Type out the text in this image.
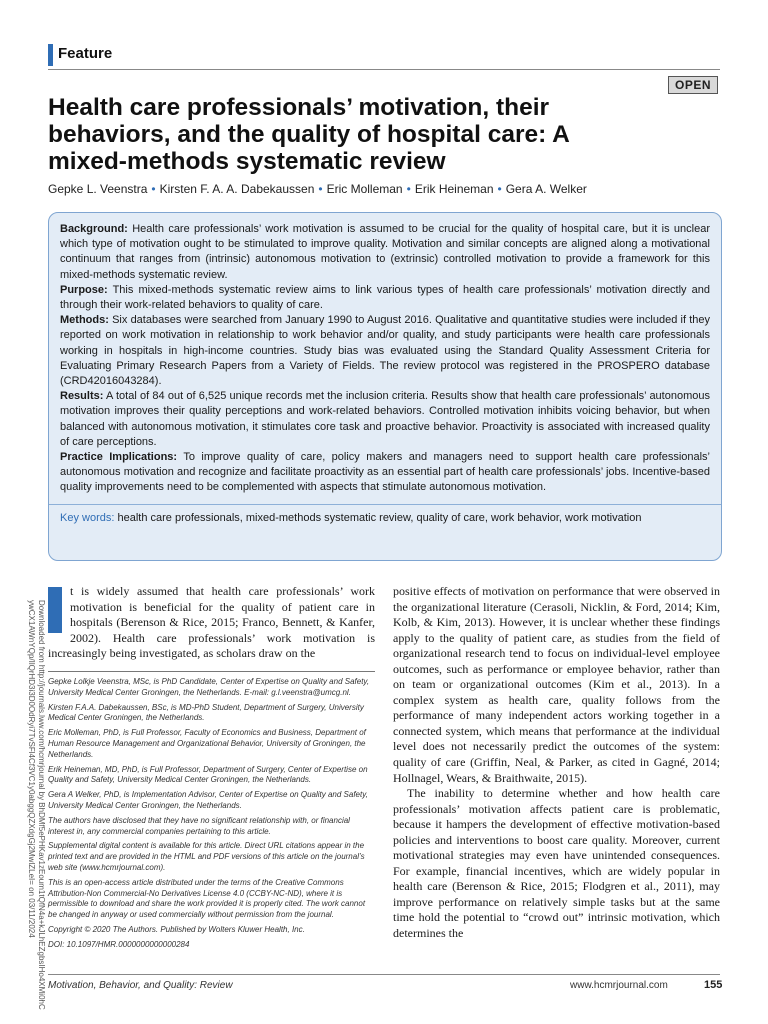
Feature
OPEN
Health care professionals’ motivation, their behaviors, and the quality of hospital care: A mixed-methods systematic review
Gepke L. Veenstra • Kirsten F. A. A. Dabekaussen • Eric Molleman • Erik Heineman • Gera A. Welker
Downloaded from http://journals.lww.com/hcmrjournal by BhDMf5ePHKav1zEoum1tQfN4a+kJLhEZgbsIHo4XMi0hC
ywCX1AWnYQp/IlQrHD3i3D0OdRyi7TvSFl4Cf3VC1y0abggQZXdgGj2MwlZLeI= on 03/11/2024

Background: Health care professionals’ work motivation is assumed to be crucial for the quality of hospital care, but it is unclear which type of motivation ought to be stimulated to improve quality. Motivation and similar concepts are aligned along a motivational continuum that ranges from (intrinsic) autonomous motivation to (extrinsic) controlled motivation to provide a framework for this mixed-methods systematic review.

Purpose: This mixed-methods systematic review aims to link various types of health care professionals’ motivation directly and through their work-related behaviors to quality of care.

Methods: Six databases were searched from January 1990 to August 2016. Qualitative and quantitative studies were included if they reported on work motivation in relationship to work behavior and/or quality, and study participants were health care professionals working in hospitals in high-income countries. Study bias was evaluated using the Standard Quality Assessment Criteria for Evaluating Primary Research Papers from a Variety of Fields. The review protocol was registered in the PROSPERO database (CRD42016043284).

Results: A total of 84 out of 6,525 unique records met the inclusion criteria. Results show that health care professionals’ autonomous motivation improves their quality perceptions and work-related behaviors. Controlled motivation inhibits voicing behavior, but when balanced with autonomous motivation, it stimulates core task and proactive behavior. Proactivity is associated with increased quality of care perceptions.

Practice Implications: To improve quality of care, policy makers and managers need to support health care professionals’ autonomous motivation and recognize and facilitate proactivity as an essential part of health care professionals’ jobs. Incentive-based quality improvements need to be complemented with aspects that stimulate autonomous motivation.

Key words: health care professionals, mixed-methods systematic review, quality of care, work behavior, work motivation

t is widely assumed that health care professionals’ work motivation is beneficial for the quality of patient care in hospitals (Berenson & Rice, 2015; Franco, Bennett, & Kanfer, 2002). Health care professionals’ work motivation is increasingly being investigated, as scholars draw on the

Gepke Lolkje Veenstra, MSc, is PhD Candidate, Center of Expertise on Quality and Safety, University Medical Center Groningen, the Netherlands. E-mail: g.l.veenstra@umcg.nl.

Kirsten F.A.A. Dabekaussen, BSc, is MD-PhD Student, Department of Surgery, University Medical Center Groningen, the Netherlands.

Eric Molleman, PhD, is Full Professor, Faculty of Economics and Business, Department of Human Resource Management and Organizational Behavior, University of Groningen, the Netherlands.

Erik Heineman, MD, PhD, is Full Professor, Department of Surgery, Center of Expertise on Quality and Safety, University Medical Center Groningen, the Netherlands.

Gera A Welker, PhD, is Implementation Advisor, Center of Expertise on Quality and Safety, University Medical Center Groningen, the Netherlands.

The authors have disclosed that they have no significant relationship with, or financial interest in, any commercial companies pertaining to this article.

Supplemental digital content is available for this article. Direct URL citations appear in the printed text and are provided in the HTML and PDF versions of this article on the journal’s web site (www.hcmrjournal.com).

This is an open-access article distributed under the terms of the Creative Commons Attribution-Non Commercial-No Derivatives License 4.0 (CCBY-NC-ND), where it is permissible to download and share the work provided it is properly cited. The work cannot be changed in anyway or used commercially without permission from the journal.

Copyright © 2020 The Authors. Published by Wolters Kluwer Health, Inc.

DOI: 10.1097/HMR.0000000000000284

positive effects of motivation on performance that were observed in the organizational literature (Cerasoli, Nicklin, & Ford, 2014; Kim, Kolb, & Kim, 2013). However, it is unclear whether these findings apply to the quality of patient care, as studies from the field of organizational research tend to focus on individual-level employee outcomes, such as performance or employee behavior, rather than on team or organizational outcomes (Kim et al., 2013). In a complex system as health care, quality follows from the performance of many independent actors working together in a connected system, which means that performance at the individual level does not necessarily predict the outcomes of the system: quality of care (Griffin, Neal, & Parker, as cited in Gagné, 2014; Hollnagel, Wears, & Braithwaite, 2015).

The inability to determine whether and how health care professionals’ motivation affects patient care is problematic, because it hampers the development of effective motivation-based policies and interventions to boost care quality. Moreover, current motivational strategies may even have unintended consequences. For example, financial incentives, which are widely popular in health care (Berenson & Rice, 2015; Flodgren et al., 2011), may improve performance on relatively simple tasks but at the same time hold the potential to “crowd out” intrinsic motivation, which determines the

Motivation, Behavior, and Quality: Review	www.hcmrjournal.com	155
